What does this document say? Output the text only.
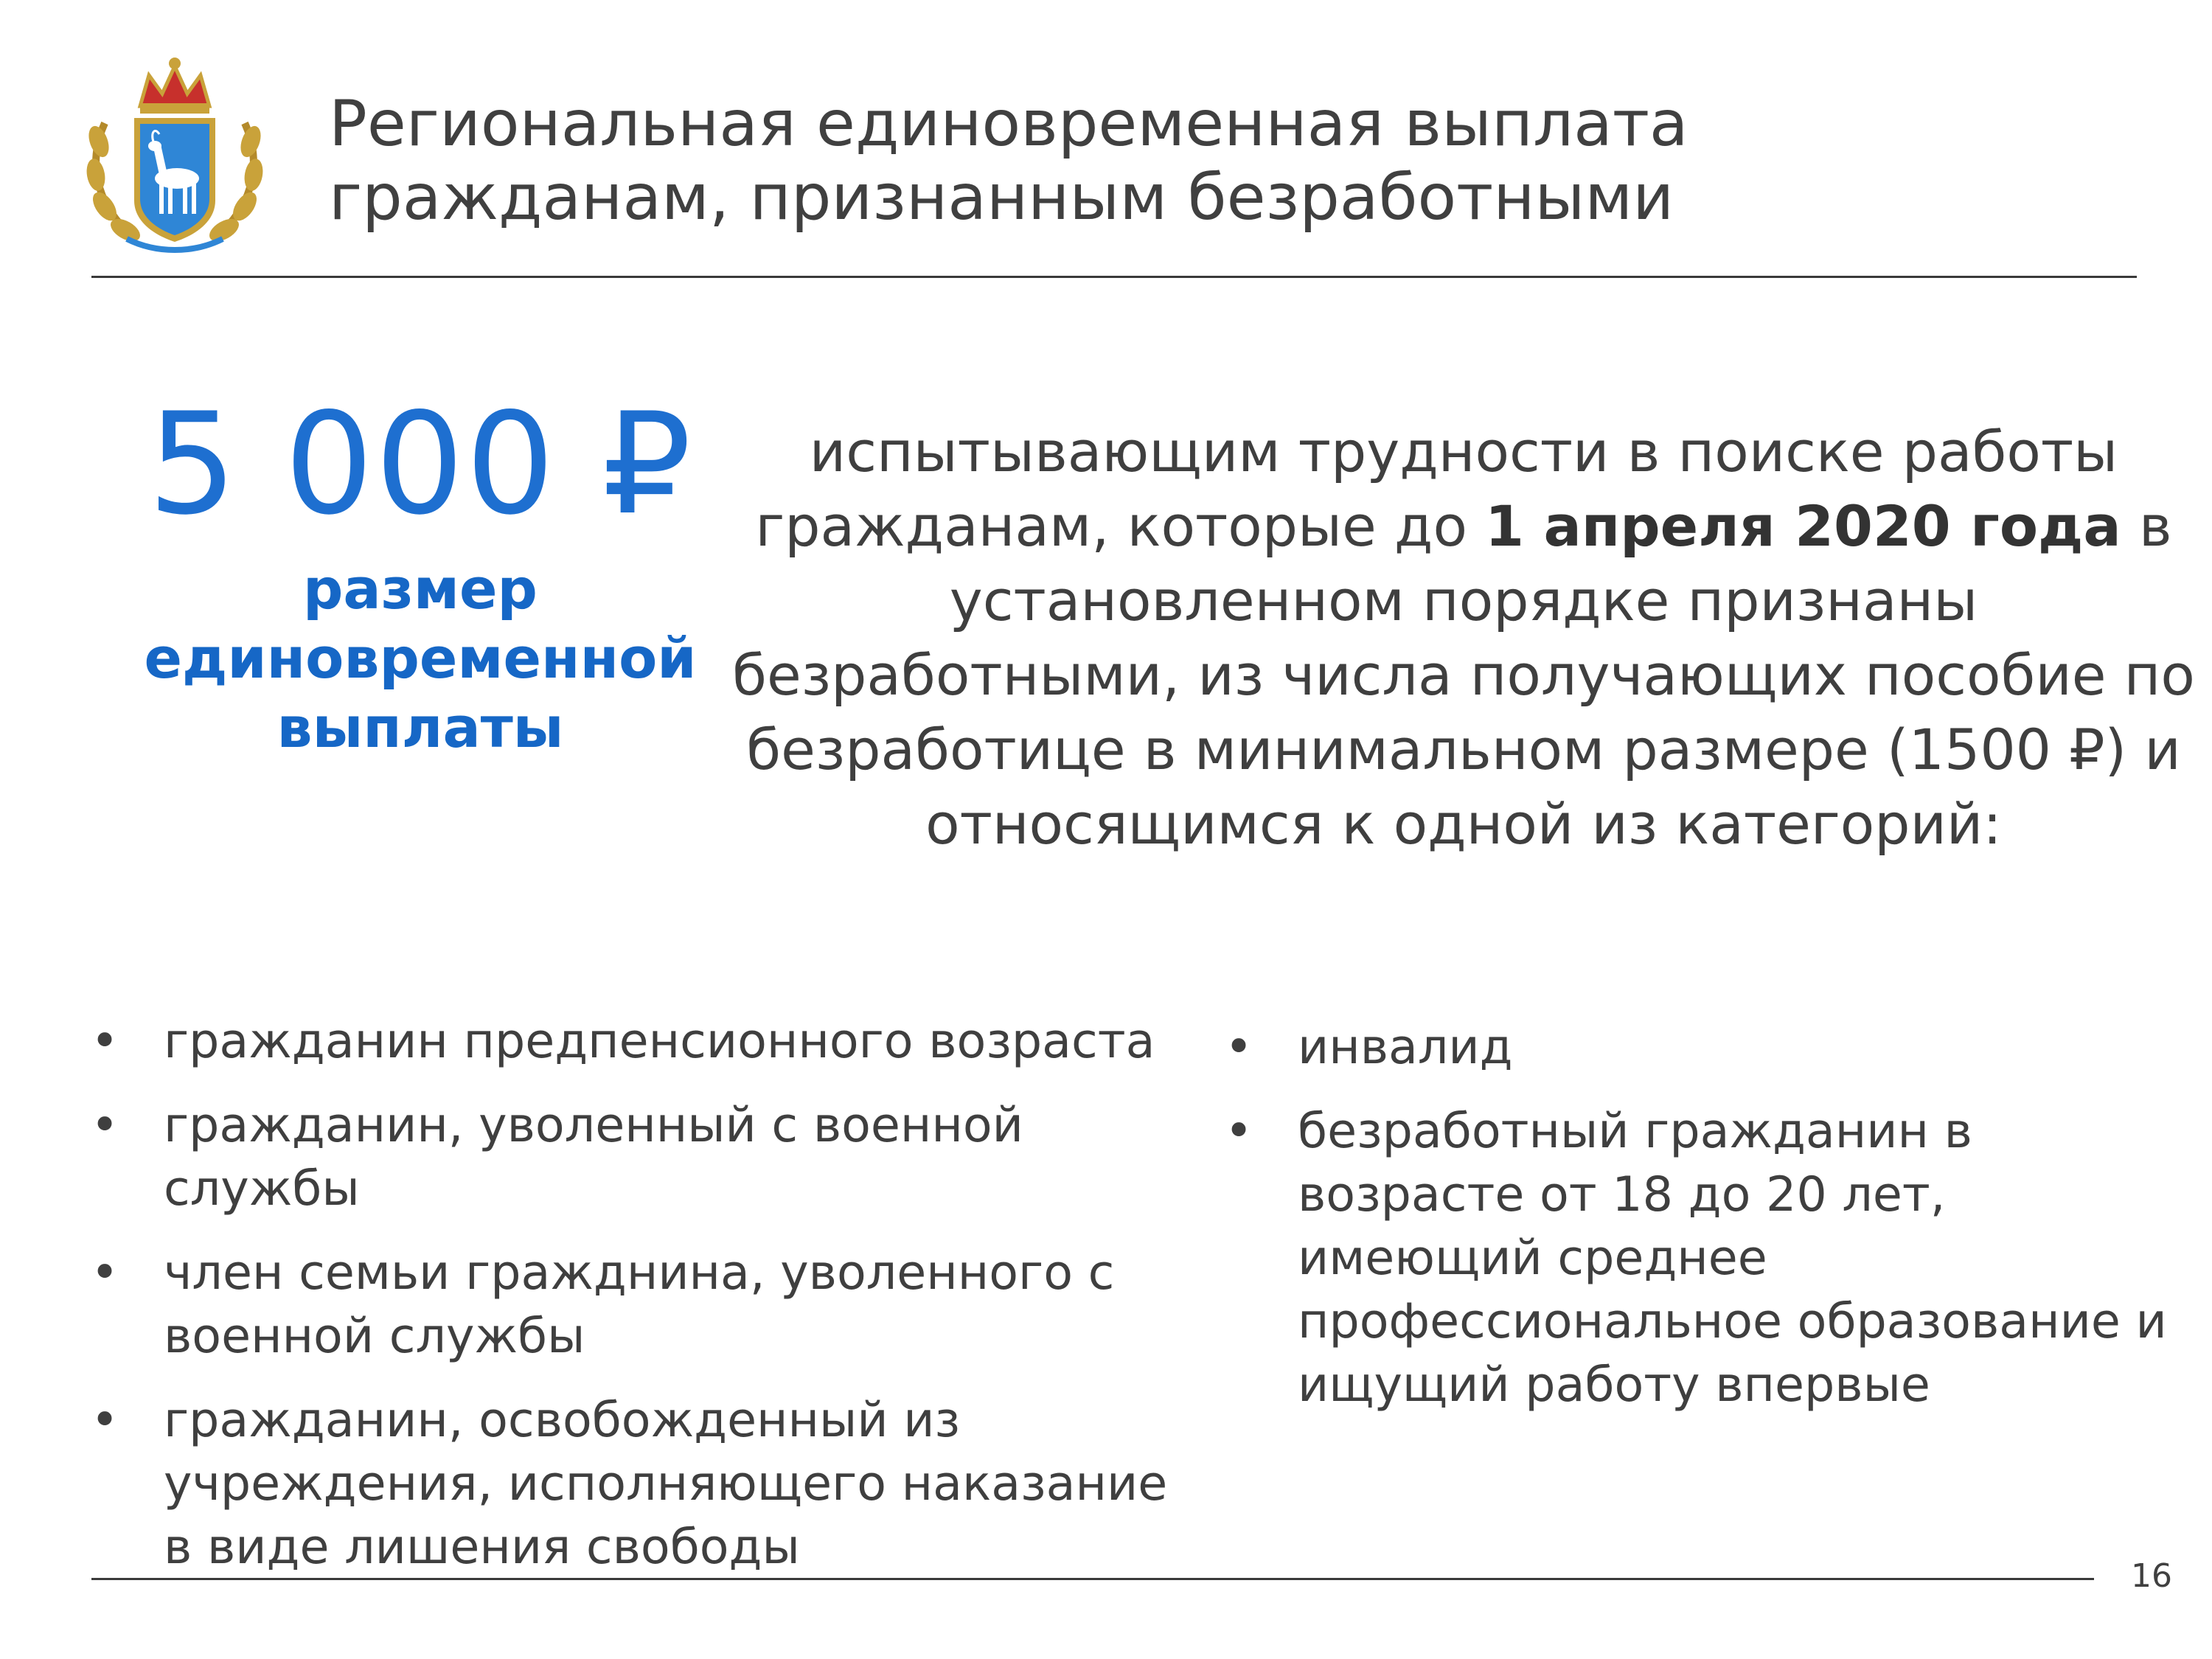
Региональная единовременная выплата
гражданам, признанным безработными
5 000 ₽
размер
единовременной
выплаты
испытывающим трудности в поиске работы гражданам, которые до 1 апреля 2020 года в установленном порядке признаны безработными, из числа получающих пособие по безработице в минимальном размере (1500 ₽) и относящимся к одной из категорий:
• гражданин предпенсионного возраста
• гражданин, уволенный с военной службы
• член семьи гражднина, уволенного с военной службы
• гражданин, освобожденный из учреждения, исполняющего наказание в виде лишения свободы
• инвалид
• безработный гражданин в возрасте от 18 до 20 лет, имеющий среднее профессиональное образование и ищущий работу впервые
16
